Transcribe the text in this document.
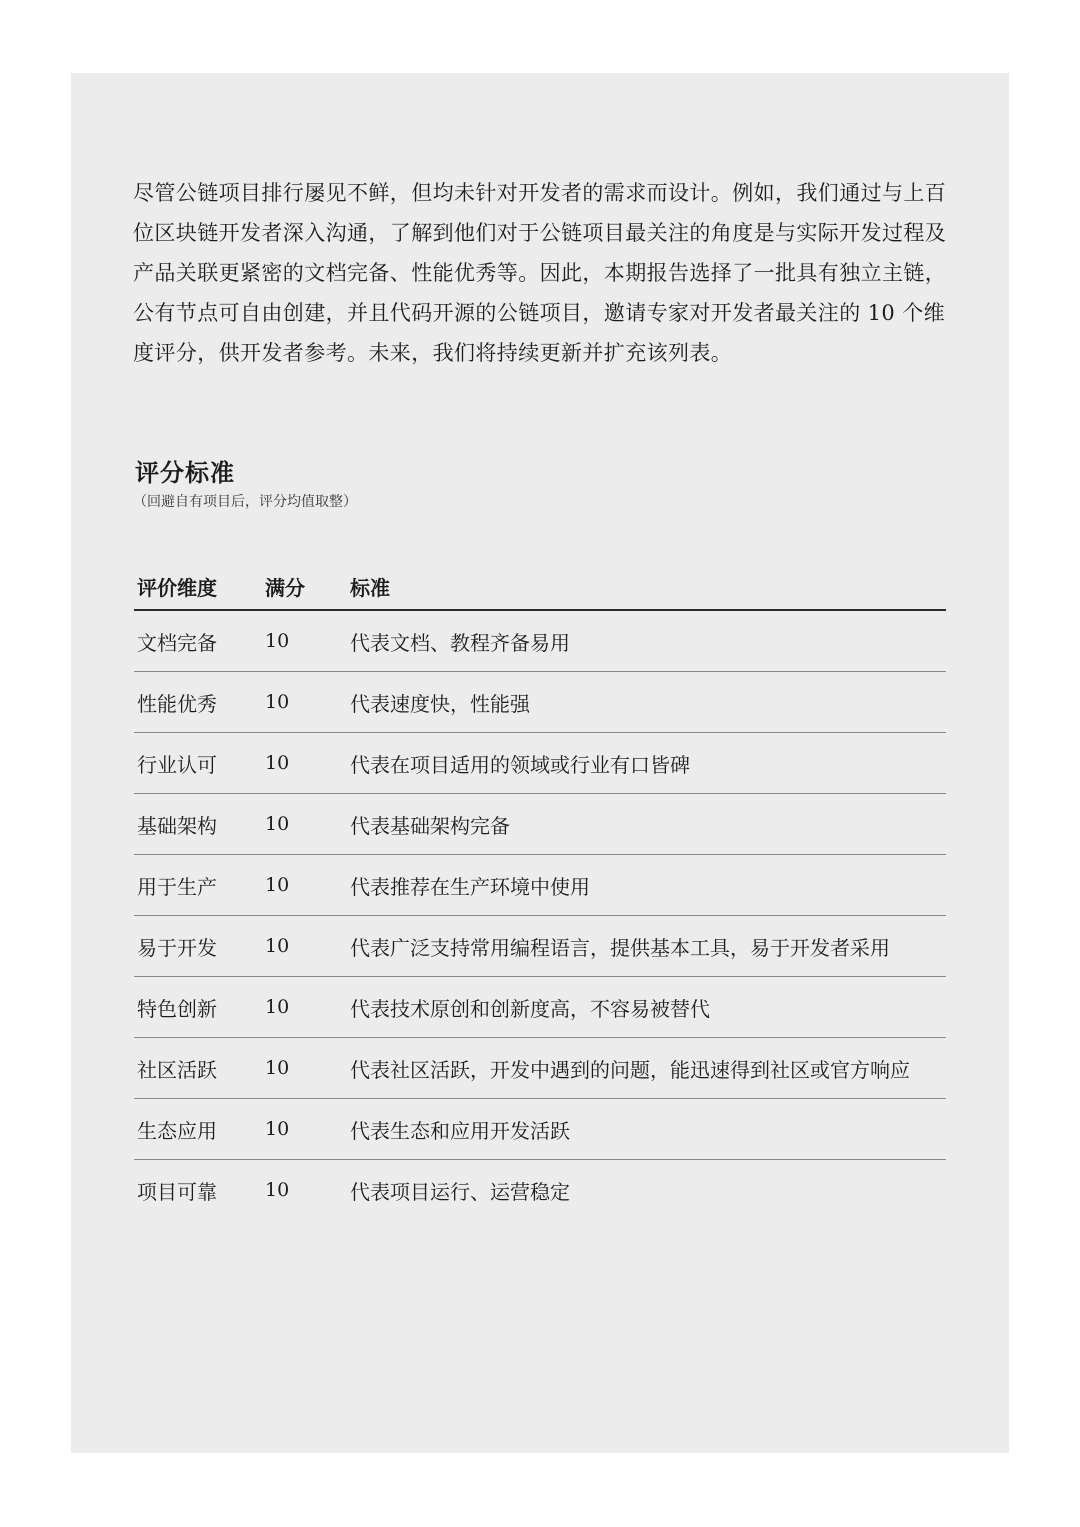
尽管公链项目排行屡见不鲜，但均未针对开发者的需求而设计。例如，我们通过与上百位区块链开发者深入沟通，了解到他们对于公链项目最关注的角度是与实际开发过程及产品关联更紧密的文档完备、性能优秀等。因此，本期报告选择了一批具有独立主链，公有节点可自由创建，并且代码开源的公链项目，邀请专家对开发者最关注的 10 个维度评分，供开发者参考。未来，我们将持续更新并扩充该列表。

评分标准

（回避自有项目后，评分均值取整）

评价维度	满分	标准
文档完备	10	代表文档、教程齐备易用
性能优秀	10	代表速度快，性能强
行业认可	10	代表在项目适用的领域或行业有口皆碑
基础架构	10	代表基础架构完备
用于生产	10	代表推荐在生产环境中使用
易于开发	10	代表广泛支持常用编程语言，提供基本工具，易于开发者采用
特色创新	10	代表技术原创和创新度高，不容易被替代
社区活跃	10	代表社区活跃，开发中遇到的问题，能迅速得到社区或官方响应
生态应用	10	代表生态和应用开发活跃
项目可靠	10	代表项目运行、运营稳定
